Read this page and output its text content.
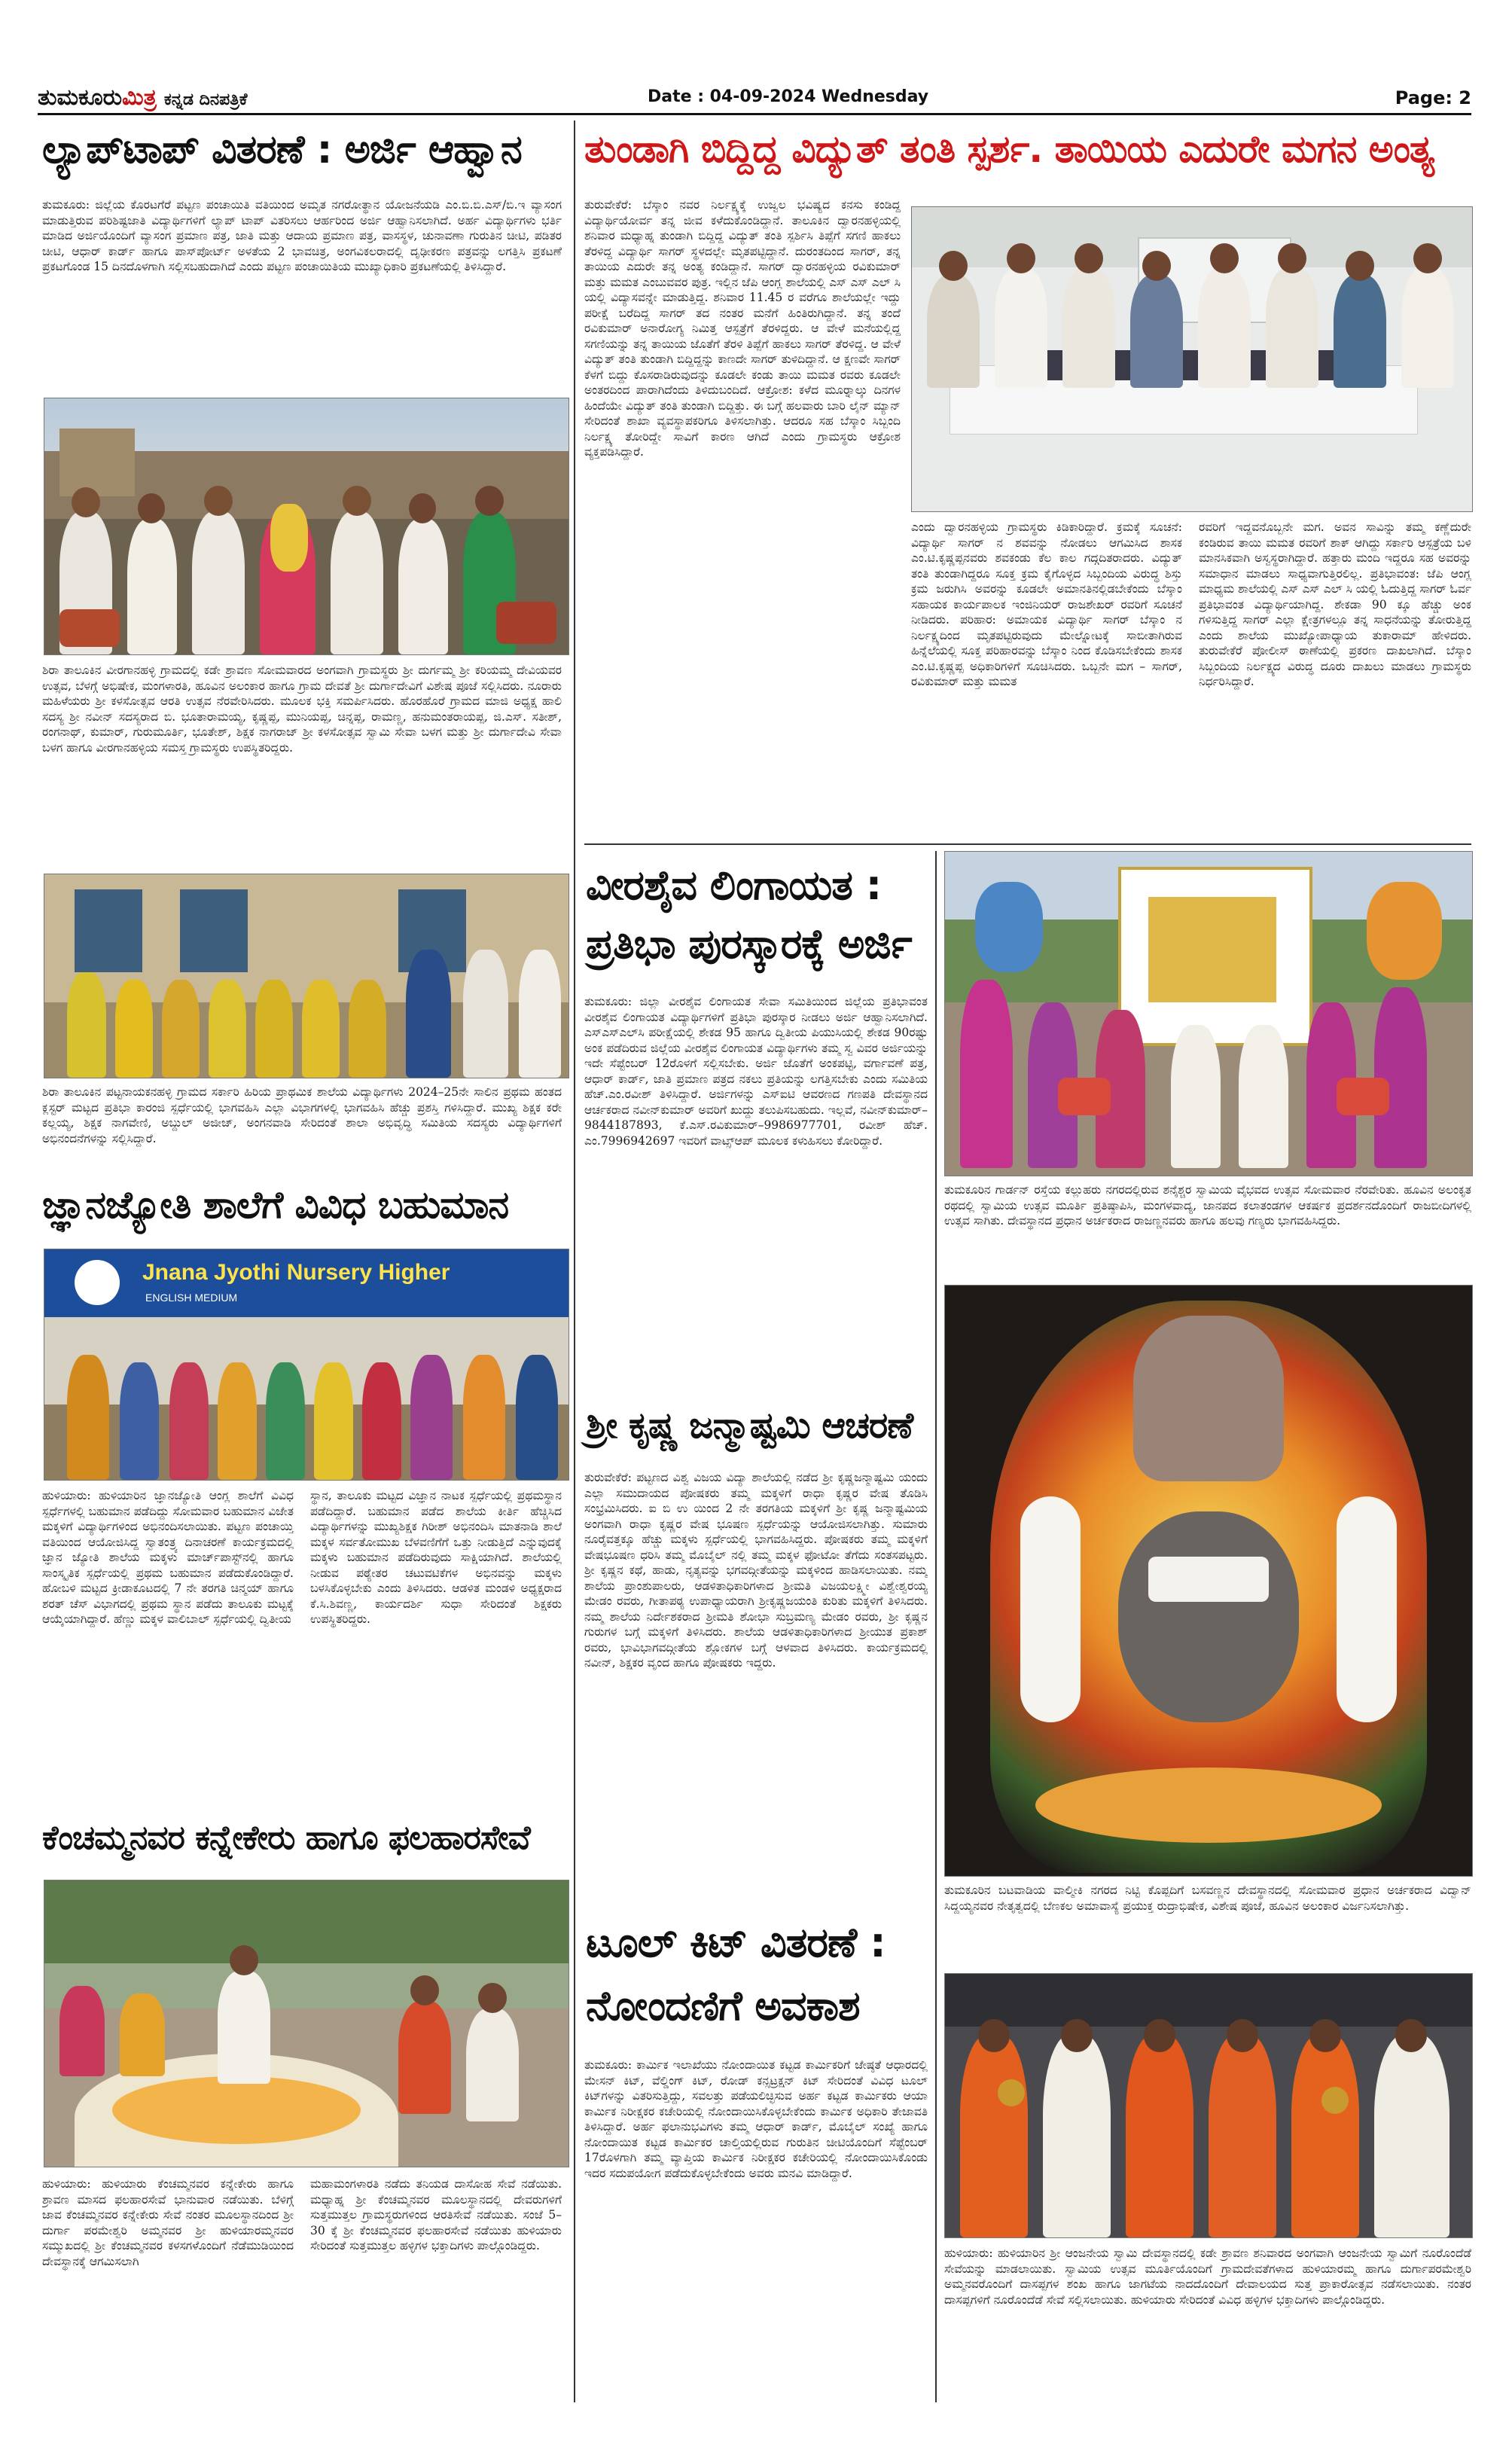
ತುಮಕೂರುಮಿತ್ರ ಕನ್ನಡ ದಿನಪತ್ರಿಕೆ	Date : 04-09-2024 Wednesday	Page: 2
ಲ್ಯಾಪ್‌ಟಾಪ್ ವಿತರಣೆ : ಅರ್ಜಿ ಆಹ್ವಾನ
ತುಮಕೂರು: ಜಿಲ್ಲೆಯ ಕೊರಟಗೆರೆ ಪಟ್ಟಣ ಪಂಚಾಯಿತಿ ವತಿಯಿಂದ ಅಮೃತ ನಗರೋತ್ಥಾನ ಯೋಜನೆಯಡಿ ಎಂ.ಬಿ.ಬಿ.ಎಸ್/ಬಿ.ಇ ವ್ಯಾಸಂಗ ಮಾಡುತ್ತಿರುವ ಪರಿಶಿಷ್ಟಜಾತಿ ವಿದ್ಯಾರ್ಥಿಗಳಿಗೆ ಲ್ಯಾಪ್ ಟಾಪ್ ವಿತರಿಸಲು ಆರ್ಹರಿಂದ ಅರ್ಜಿ ಆಹ್ವಾನಿಸಲಾಗಿದೆ. ಅರ್ಹ ವಿದ್ಯಾರ್ಥಿಗಳು ಭರ್ತಿ ಮಾಡಿದ ಅರ್ಜಿಯೊಂದಿಗೆ ವ್ಯಾಸಂಗ ಪ್ರಮಾಣ ಪತ್ರ, ಜಾತಿ ಮತ್ತು ಆದಾಯ ಪ್ರಮಾಣ ಪತ್ರ, ವಾಸಸ್ಥಳ, ಚುನಾವಣಾ ಗುರುತಿನ ಚೀಟಿ, ಪಡಿತರ ಚೀಟಿ, ಆಧಾರ್ ಕಾರ್ಡ್ ಹಾಗೂ ಪಾಸ್‌ಪೋರ್ಟ್ ಅಳತೆಯ 2 ಭಾವಚಿತ್ರ, ಅಂಗವಿಕಲರಾದಲ್ಲಿ ದೃಢೀಕರಣ ಪತ್ರವನ್ನು ಲಗತ್ತಿಸಿ ಪ್ರಕಟಣೆ ಪ್ರಕಟಗೊಂಡ 15 ದಿನದೊಳಗಾಗಿ ಸಲ್ಲಿಸಬಹುದಾಗಿದೆ ಎಂದು ಪಟ್ಟಣ ಪಂಚಾಯಿತಿಯ ಮುಖ್ಯಾಧಿಕಾರಿ ಪ್ರಕಟಣೆಯಲ್ಲಿ ತಿಳಿಸಿದ್ದಾರೆ.
ಶಿರಾ ತಾಲೂಕಿನ ವೀರಗಾನಹಳ್ಳಿ ಗ್ರಾಮದಲ್ಲಿ ಕಡೇ ಶ್ರಾವಣ ಸೋಮವಾರದ ಅಂಗವಾಗಿ ಗ್ರಾಮಸ್ಥರು ಶ್ರೀ ದುರ್ಗಮ್ಮ ಶ್ರೀ ಕರಿಯಮ್ಮ ದೇವಿಯವರ ಉತ್ಸವ, ಬೆಳಗ್ಗೆ ಅಭಿಷೇಕ, ಮಂಗಳಾರತಿ, ಹೂವಿನ ಅಲಂಕಾರ ಹಾಗೂ ಗ್ರಾಮ ದೇವತೆ ಶ್ರೀ ದುರ್ಗಾದೇವಿಗೆ ವಿಶೇಷ ಪೂಜೆ ಸಲ್ಲಿಸಿದರು. ನೂರಾರು ಮಹಿಳೆಯರು ಶ್ರೀ ಕಳಸೋತ್ಸವ ಆರತಿ ಉತ್ಸವ ನೆರವೇರಿಸಿದರು. ಮೂಲಕ ಭಕ್ತಿ ಸಮರ್ಪಿಸಿದರು. ಹೊರಹೊರೆ ಗ್ರಾಮದ ಮಾಜಿ ಅಧ್ಯಕ್ಷ ಹಾಲಿ ಸದಸ್ಯ ಶ್ರೀ ನವೀನ್ ಸದಸ್ಯರಾದ ಬಿ. ಭೂತಾರಾಮಯ್ಯ, ಕೃಷ್ಣಪ್ಪ, ಮುನಿಯಪ್ಪ, ಚಿನ್ನಪ್ಪ, ರಾಮಣ್ಣ, ಹನುಮಂತರಾಯಪ್ಪ, ಜಿ.ಎಸ್. ಸತೀಶ್, ರಂಗನಾಥ್, ಕುಮಾರ್, ಗುರುಮೂರ್ತಿ, ಭೂತೇಶ್, ಶಿಕ್ಷಕ ನಾಗರಾಜ್ ಶ್ರೀ ಕಳಸೋತ್ಸವ ಸ್ವಾಮಿ ಸೇವಾ ಬಳಗ ಮತ್ತು ಶ್ರೀ ದುರ್ಗಾದೇವಿ ಸೇವಾ ಬಳಗ ಹಾಗೂ ವೀರಗಾನಹಳ್ಳಿಯ ಸಮಸ್ತ ಗ್ರಾಮಸ್ಥರು ಉಪಸ್ಥಿತರಿದ್ದರು.
ಶಿರಾ ತಾಲೂಕಿನ ಪಟ್ಟನಾಯಕನಹಳ್ಳಿ ಗ್ರಾಮದ ಸರ್ಕಾರಿ ಹಿರಿಯ ಪ್ರಾಥಮಿಕ ಶಾಲೆಯ ವಿದ್ಯಾರ್ಥಿಗಳು 2024–25ನೇ ಸಾಲಿನ ಪ್ರಥಮ ಹಂತದ ಕ್ಲಸ್ಟರ್ ಮಟ್ಟದ ಪ್ರತಿಭಾ ಕಾರಂಜಿ ಸ್ಪರ್ಧೆಯಲ್ಲಿ ಭಾಗವಹಿಸಿ ಎಲ್ಲಾ ವಿಭಾಗಗಳಲ್ಲಿ ಭಾಗವಹಿಸಿ ಹೆಚ್ಚು ಪ್ರಶಸ್ತಿ ಗಳಿಸಿದ್ದಾರೆ. ಮುಖ್ಯ ಶಿಕ್ಷಕ ಕರೇ ಕಲ್ಲಯ್ಯ, ಶಿಕ್ಷಕ ನಾಗವೇಣಿ, ಅಬ್ದುಲ್ ಅಜೀಜ್, ಅಂಗನವಾಡಿ ಸೇರಿದಂತೆ ಶಾಲಾ ಅಭಿವೃದ್ಧಿ ಸಮಿತಿಯ ಸದಸ್ಯರು ವಿದ್ಯಾರ್ಥಿಗಳಿಗೆ ಅಭಿನಂದನೆಗಳನ್ನು ಸಲ್ಲಿಸಿದ್ದಾರೆ.
ಜ್ಞಾನಜ್ಯೋತಿ ಶಾಲೆಗೆ ವಿವಿಧ ಬಹುಮಾನ
Jnana Jyothi Nursery Higher
ENGLISH MEDIUM
ಹುಳಿಯಾರು: ಹುಳಿಯಾರಿನ ಜ್ಞಾನಜ್ಯೋತಿ ಆಂಗ್ಲ ಶಾಲೆಗೆ ವಿವಿಧ ಸ್ಪರ್ಧೆಗಳಲ್ಲಿ ಬಹುಮಾನ ಪಡೆದಿದ್ದು ಸೋಮವಾರ ಬಹುಮಾನ ವಿಜೇತ ಮಕ್ಕಳಿಗೆ ವಿದ್ಯಾರ್ಥಿಗಳಿಂದ ಅಭಿನಂದಿಸಲಾಯಿತು. ಪಟ್ಟಣ ಪಂಚಾಯ್ತಿ ವತಿಯಿಂದ ಆಯೋಜಿಸಿದ್ದ ಸ್ವಾತಂತ್ರ್ಯ ದಿನಾಚರಣೆ ಕಾರ್ಯಕ್ರಮದಲ್ಲಿ ಜ್ಞಾನ ಜ್ಯೋತಿ ಶಾಲೆಯ ಮಕ್ಕಳು ಮಾರ್ಚ್‌ಪಾಸ್ಟ್‌ನಲ್ಲಿ ಹಾಗೂ ಸಾಂಸ್ಕೃತಿಕ ಸ್ಪರ್ಧೆಯಲ್ಲಿ ಪ್ರಥಮ ಬಹುಮಾನ ಪಡೆದುಕೊಂಡಿದ್ದಾರೆ. ಹೋಬಳಿ ಮಟ್ಟದ ಕ್ರೀಡಾಕೂಟದಲ್ಲಿ 7 ನೇ ತರಗತಿ ಚಿನ್ಮಯ್ ಹಾಗೂ ಶರತ್ ಚೆಸ್ ವಿಭಾಗದಲ್ಲಿ ಪ್ರಥಮ ಸ್ಥಾನ ಪಡೆದು ತಾಲೂಕು ಮಟ್ಟಕ್ಕೆ ಆಯ್ಕೆಯಾಗಿದ್ದಾರೆ. ಹೆಣ್ಣು ಮಕ್ಕಳ ವಾಲಿಬಾಲ್ ಸ್ಪರ್ಧೆಯಲ್ಲಿ ದ್ವಿತೀಯ
ಸ್ಥಾನ, ತಾಲೂಕು ಮಟ್ಟದ ವಿಜ್ಞಾನ ನಾಟಕ ಸ್ಪರ್ಧೆಯಲ್ಲಿ ಪ್ರಥಮಸ್ಥಾನ ಪಡೆದಿದ್ದಾರೆ. ಬಹುಮಾನ ಪಡೆದ ಶಾಲೆಯ ಕೀರ್ತಿ ಹೆಚ್ಚಿಸಿದ ವಿದ್ಯಾರ್ಥಿಗಳನ್ನು ಮುಖ್ಯಶಿಕ್ಷಕ ಗಿರೀಶ್ ಅಭಿನಂದಿಸಿ ಮಾತನಾಡಿ ಶಾಲೆ ಮಕ್ಕಳ ಸರ್ವತೋಮುಖ ಬೆಳವಣಿಗೆಗೆ ಒತ್ತು ನೀಡುತ್ತಿದೆ ಎನ್ನುವುದಕ್ಕೆ ಮಕ್ಕಳು ಬಹುಮಾನ ಪಡೆದಿರುವುದು ಸಾಕ್ಷಿಯಾಗಿದೆ. ಶಾಲೆಯಲ್ಲಿ ನೀಡುವ ಪಠ್ಯೇತರ ಚಟುವಟಿಕೆಗಳ ಅಭಿನವನ್ನು ಮಕ್ಕಳು ಬಳಸಿಕೊಳ್ಳಬೇಕು ಎಂದು ತಿಳಿಸಿದರು. ಆಡಳಿತ ಮಂಡಳಿ ಅಧ್ಯಕ್ಷರಾದ ಕೆ.ಸಿ.ಶಿವಣ್ಣ, ಕಾರ್ಯದರ್ಶಿ ಸುಧಾ ಸೇರಿದಂತೆ ಶಿಕ್ಷಕರು ಉಪಸ್ಥಿತರಿದ್ದರು.
ಕೆಂಚಮ್ಮನವರ ಕನ್ನೇಕೇರು ಹಾಗೂ ಫಲಹಾರಸೇವೆ
ಹುಳಿಯಾರು: ಹುಳಿಯಾರು ಕೆಂಚಮ್ಮನವರ ಕನ್ನೇಕೇರು ಹಾಗೂ ಶ್ರಾವಣ ಮಾಸದ ಫಲಹಾರಸೇವೆ ಭಾನುವಾರ ನಡೆಯಿತು. ಬೆಳಿಗ್ಗೆ ಜಾವ ಕೆಂಚಮ್ಮನವರ ಕನ್ನೇಕೇರು ಸೇವೆ ನಂತರ ಮೂಲಸ್ಥಾನದಿಂದ ಶ್ರೀ ದುರ್ಗಾ ಪರಮೇಶ್ವರಿ ಅಮ್ಮನವರ ಶ್ರೀ ಹುಳಿಯಾರಮ್ಮನವರ ಸಮ್ಮುಖದಲ್ಲಿ ಶ್ರೀ ಕೆಂಚಮ್ಮನವರ ಕಳಸಗಳೊಂದಿಗೆ ನೆಡೆಮುಡಿಯಿಂದ ದೇವಸ್ಥಾನಕ್ಕೆ ಆಗಮಿಸಲಾಗಿ
ಮಹಾಮಂಗಳಾರತಿ ನಡೆದು ತನಿಯಡ ದಾಸೋಹ ಸೇವೆ ನಡೆಯಿತು. ಮಧ್ಯಾಹ್ನ ಶ್ರೀ ಕೆಂಚಮ್ಮನವರ ಮೂಲಸ್ಥಾನದಲ್ಲಿ ದೇವರುಗಳಿಗೆ ಸುತ್ತಮುತ್ತಲ ಗ್ರಾಮಸ್ಥರುಗಳಿಂದ ಆರತಿಸೇವೆ ನಡೆಯಿತು. ಸಂಜೆ 5–30 ಕ್ಕೆ ಶ್ರೀ ಕೆಂಚಮ್ಮನವರ ಫಲಹಾರಸೇವೆ ನಡೆಯಿತು ಹುಳಿಯಾರು ಸೇರಿದಂತೆ ಸುತ್ತಮುತ್ತಲ ಹಳ್ಳಿಗಳ ಭಕ್ತಾದಿಗಳು ಪಾಲ್ಗೊಂಡಿದ್ದರು.
ತುಂಡಾಗಿ ಬಿದ್ದಿದ್ದ ವಿದ್ಯುತ್ ತಂತಿ ಸ್ಪರ್ಶ. ತಾಯಿಯ ಎದುರೇ ಮಗನ ಅಂತ್ಯ
ತುರುವೇಕೆರೆ: ಬೆಸ್ಕಾಂ ನವರ ನಿರ್ಲಕ್ಷ್ಯಕ್ಕೆ ಉಜ್ವಲ ಭವಿಷ್ಯದ ಕನಸು ಕಂಡಿದ್ದ ವಿದ್ಯಾರ್ಥಿಯೋರ್ವ ತನ್ನ ಜೀವ ಕಳೆದುಕೊಂಡಿದ್ದಾನೆ. ತಾಲೂಕಿನ ದ್ವಾರನಹಳ್ಳಿಯಲ್ಲಿ ಶನಿವಾರ ಮಧ್ಯಾಹ್ನ ತುಂಡಾಗಿ ಬಿದ್ದಿದ್ದ ವಿದ್ಯುತ್ ತಂತಿ ಸ್ಪರ್ಶಿಸಿ ತಿಪ್ಪೆಗೆ ಸಗಣಿ ಹಾಕಲು ತೆರಳಿದ್ದ ವಿದ್ಯಾರ್ಥಿ ಸಾಗರ್ ಸ್ಥಳದಲ್ಲೇ ಮೃತಪಟ್ಟಿದ್ದಾನೆ. ದುರಂತದಿಂದ ಸಾಗರ್, ತನ್ನ ತಾಯಿಯ ಎದುರೇ ತನ್ನ ಅಂತ್ಯ ಕಂಡಿದ್ದಾನೆ. ಸಾಗರ್ ದ್ವಾರನಹಳ್ಳಿಯ ರವಿಕುಮಾರ್ ಮತ್ತು ಮಮತ ಎಂಬುವವರ ಪುತ್ರ. ಇಲ್ಲಿನ ಜೆಪಿ ಆಂಗ್ಲ ಶಾಲೆಯಲ್ಲಿ ಎಸ್ ಎಸ್ ಎಲ್ ಸಿ ಯಲ್ಲಿ ವಿದ್ಯಾಸವನ್ನೇ ಮಾಡುತ್ತಿದ್ದ. ಶನಿವಾರ 11.45 ರ ವರೆಗೂ ಶಾಲೆಯಲ್ಲೇ ಇದ್ದು ಪರೀಕ್ಷೆ ಬರೆದಿದ್ದ ಸಾಗರ್ ತದ ನಂತರ ಮನೆಗೆ ಹಿಂತಿರುಗಿದ್ದಾನೆ. ತನ್ನ ತಂದೆ ರವಿಕುಮಾರ್ ಅನಾರೋಗ್ಯ ನಿಮಿತ್ತ ಆಸ್ಪತ್ರೆಗೆ ತೆರಳಿದ್ದರು. ಆ ವೇಳೆ ಮನೆಯಲ್ಲಿದ್ದ ಸಗಣಿಯನ್ನು ತನ್ನ ತಾಯಿಯ ಜೊತೆಗೆ ತೆರಳಿ ತಿಪ್ಪೆಗೆ ಹಾಕಲು ಸಾಗರ್ ತೆರಳಿದ್ದ. ಆ ವೇಳೆ ವಿದ್ಯುತ್ ತಂತಿ ತುಂಡಾಗಿ ಬಿದ್ದಿದ್ದನ್ನು ಕಾಣದೇ ಸಾಗರ್ ತುಳಿದಿದ್ದಾನೆ. ಆ ಕ್ಷಣವೇ ಸಾಗರ್ ಕೆಳಗೆ ಬಿದ್ದು ಕೊಸರಾಡಿರುವುದನ್ನು ಕೂಡಲೇ ಕಂಡು ತಾಯಿ ಮಮತ ರವರು ಕೂಡಲೇ ಅಂತರದಿಂದ ಪಾರಾಗಿದೆಂದು ತಿಳಿದುಬಂದಿದೆ. ಆಕ್ರೋಶ: ಕಳೆದ ಮೂರ‍್ನಾಲ್ಕು ದಿನಗಳ ಹಿಂದೆಯೇ ವಿದ್ಯುತ್ ತಂತಿ ತುಂಡಾಗಿ ಬಿದ್ದಿತ್ತು. ಈ ಬಗ್ಗೆ ಹಲವಾರು ಬಾರಿ ಲೈನ್ ಮ್ಯಾನ್ ಸೇರಿದಂತೆ ಶಾಖಾ ವ್ಯವಸ್ಥಾಪಕರಿಗೂ ತಿಳಿಸಲಾಗಿತ್ತು. ಆದರೂ ಸಹ ಬೆಸ್ಕಾಂ ಸಿಬ್ಬಂದಿ ನಿರ್ಲಕ್ಷ್ಯ ತೋರಿದ್ದೇ ಸಾವಿಗೆ ಕಾರಣ ಆಗಿದೆ ಎಂದು ಗ್ರಾಮಸ್ಥರು ಆಕ್ರೋಶ ವ್ಯಕ್ತಪಡಿಸಿದ್ದಾರೆ.
ಎಂದು ದ್ವಾರನಹಳ್ಳಿಯ ಗ್ರಾಮಸ್ಥರು ಕಿಡಿಕಾರಿದ್ದಾರೆ. ಕ್ರಮಕ್ಕೆ ಸೂಚನೆ: ವಿದ್ಯಾರ್ಥಿ ಸಾಗರ್ ನ ಶವವನ್ನು ನೋಡಲು ಆಗಮಿಸಿದ ಶಾಸಕ ಎಂ.ಟಿ.ಕೃಷ್ಣಪ್ಪನವರು ಶವಕಂಡು ಕೆಲ ಕಾಲ ಗದ್ಗದಿತರಾದರು. ವಿದ್ಯುತ್ ತಂತಿ ತುಂಡಾಗಿದ್ದರೂ ಸೂಕ್ತ ಕ್ರಮ ಕೈಗೊಳ್ಳದ ಸಿಬ್ಬಂದಿಯ ವಿರುದ್ಧ ಶಿಸ್ತು ಕ್ರಮ ಜರುಗಿಸಿ ಅವರನ್ನು ಕೂಡಲೇ ಅಮಾನತಿನಲ್ಲಿಡಬೇಕೆಂದು ಬೆಸ್ಕಾಂ ಸಹಾಯಕ ಕಾರ್ಯಪಾಲಕ ಇಂಜಿನಿಯರ್ ರಾಜಶೇಖರ್ ರವರಿಗೆ ಸೂಚನೆ ನೀಡಿದರು. ಪರಿಹಾರ: ಅಮಾಯಕ ವಿದ್ಯಾರ್ಥಿ ಸಾಗರ್ ಬೆಸ್ಕಾಂ ನ ನಿರ್ಲಕ್ಷ್ಯದಿಂದ ಮೃತಪಟ್ಟಿರುವುದು ಮೇಲ್ನೋಟಕ್ಕೆ ಸಾಬೀತಾಗಿರುವ ಹಿನ್ನೆಲೆಯಲ್ಲಿ ಸೂಕ್ತ ಪರಿಹಾರವನ್ನು ಬೆಸ್ಕಾಂ ನಿಂದ ಕೊಡಿಸಬೇಕೆಂದು ಶಾಸಕ ಎಂ.ಟಿ.ಕೃಷ್ಣಪ್ಪ ಅಧಿಕಾರಿಗಳಿಗೆ ಸೂಚಿಸಿದರು. ಒಬ್ಬನೇ ಮಗ – ಸಾಗರ್, ರವಿಕುಮಾರ್ ಮತ್ತು ಮಮತ
ರವರಿಗೆ ಇದ್ದವನೊಬ್ಬನೇ ಮಗ. ಅವನ ಸಾವಿನ್ನು ತಮ್ಮ ಕಣ್ಣೆದುರೇ ಕಂಡಿರುವ ತಾಯಿ ಮಮತ ರವರಿಗೆ ಶಾಕ್ ಆಗಿದ್ದು ಸರ್ಕಾರಿ ಆಸ್ಪತ್ರೆಯ ಬಳಿ ಮಾನಸಿಕವಾಗಿ ಅಸ್ವಸ್ಥರಾಗಿದ್ದಾರೆ. ಹತ್ತಾರು ಮಂದಿ ಇದ್ದರೂ ಸಹ ಅವರನ್ನು ಸಮಾಧಾನ ಮಾಡಲು ಸಾಧ್ಯವಾಗುತ್ತಿರಲಿಲ್ಲ. ಪ್ರತಿಭಾವಂತ: ಜೆಪಿ ಆಂಗ್ಲ ಮಾಧ್ಯಮ ಶಾಲೆಯಲ್ಲಿ ಎಸ್ ಎಸ್ ಎಲ್ ಸಿ ಯಲ್ಲಿ ಓದುತ್ತಿದ್ದ ಸಾಗರ್ ಓರ್ವ ಪ್ರತಿಭಾವಂತ ವಿದ್ಯಾರ್ಥಿಯಾಗಿದ್ದ. ಶೇಕಡಾ 90 ಕ್ಕೂ ಹೆಚ್ಚು ಅಂಕ ಗಳಿಸುತ್ತಿದ್ದ ಸಾಗರ್ ಎಲ್ಲಾ ಕ್ಷೇತ್ರಗಳಲ್ಲೂ ತನ್ನ ಸಾಧನೆಯನ್ನು ತೋರುತ್ತಿದ್ದ ಎಂದು ಶಾಲೆಯ ಮುಖ್ಯೋಪಾಧ್ಯಾಯ ತುಕಾರಾಮ್ ಹೇಳಿದರು. ತುರುವೇಕೆರೆ ಪೋಲೀಸ್ ಠಾಣೆಯಲ್ಲಿ ಪ್ರಕರಣ ದಾಖಲಾಗಿದೆ. ಬೆಸ್ಕಾಂ ಸಿಬ್ಬಂದಿಯ ನಿರ್ಲಕ್ಷ್ಯದ ವಿರುದ್ಧ ದೂರು ದಾಖಲು ಮಾಡಲು ಗ್ರಾಮಸ್ಥರು ನಿರ್ಧರಿಸಿದ್ದಾರೆ.
ವೀರಶೈವ ಲಿಂಗಾಯತ :
ಪ್ರತಿಭಾ ಪುರಸ್ಕಾರಕ್ಕೆ ಅರ್ಜಿ
ತುಮಕೂರು: ಜಿಲ್ಲಾ ವೀರಶೈವ ಲಿಂಗಾಯತ ಸೇವಾ ಸಮಿತಿಯಿಂದ ಜಿಲ್ಲೆಯ ಪ್ರತಿಭಾವಂತ ವೀರಶೈವ ಲಿಂಗಾಯತ ವಿದ್ಯಾರ್ಥಿಗಳಿಗೆ ಪ್ರತಿಭಾ ಪುರಸ್ಕಾರ ನೀಡಲು ಅರ್ಜಿ ಆಹ್ವಾನಿಸಲಾಗಿದೆ. ಎಸ್‌ಎಸ್‌ಎಲ್‌ಸಿ ಪರೀಕ್ಷೆಯಲ್ಲಿ ಶೇಕಡ 95 ಹಾಗೂ ದ್ವಿತೀಯ ಪಿಯುಸಿಯಲ್ಲಿ ಶೇಕಡ 90ರಷ್ಟು ಅಂಕ ಪಡೆದಿರುವ ಜಿಲ್ಲೆಯ ವೀರಶೈವ ಲಿಂಗಾಯತ ವಿದ್ಯಾರ್ಥಿಗಳು ತಮ್ಮ ಸ್ವ ವಿವರ ಅರ್ಜಿಯನ್ನು ಇದೇ ಸೆಪ್ಟೆಂಬರ್ 12ರೊಳಗೆ ಸಲ್ಲಿಸಬೇಕು. ಅರ್ಜಿ ಜೊತೆಗೆ ಅಂಕಪಟ್ಟಿ, ವರ್ಗಾವಣೆ ಪತ್ರ, ಆಧಾರ್ ಕಾರ್ಡ್, ಜಾತಿ ಪ್ರಮಾಣ ಪತ್ರದ ನಕಲು ಪ್ರತಿಯನ್ನು ಲಗತ್ತಿಸಬೇಕು ಎಂದು ಸಮಿತಿಯ ಹೆಚ್.ಎಂ.ರವೀಶ್ ತಿಳಿಸಿದ್ದಾರೆ. ಅರ್ಜಿಗಳನ್ನು ಎಸ್‌ಐಟಿ ಆವರಣದ ಗಣಪತಿ ದೇವಸ್ಥಾನದ ಆರ್ಚಕರಾದ ನವೀನ್‌ಕುಮಾರ್ ಅವರಿಗೆ ಖುದ್ದು ತಲುಪಿಸಬಹುದು. ಇಲ್ಲವೆ, ನವೀನ್‌ಕುಮಾರ್–9844187893, ಕೆ.ಎಸ್.ರವಿಕುಮಾರ್–9986977701, ರವೀಶ್ ಹೆಚ್. ಎಂ.7996942697 ಇವರಿಗೆ ವಾಟ್ಸ್‌ಆಪ್ ಮೂಲಕ ಕಳುಹಿಸಲು ಕೋರಿದ್ದಾರೆ.
ತುಮಕೂರಿನ ಗಾರ್ಡನ್ ರಸ್ತೆಯ ಕಲ್ಲುಹರು ನಗರದಲ್ಲಿರುವ ಶನೈಶ್ಚರ ಸ್ವಾಮಿಯ ವೈಭವದ ಉತ್ಸವ ಸೋಮವಾರ ನೆರವೇರಿತು. ಹೂವಿನ ಅಲಂಕೃತ ರಥದಲ್ಲಿ ಸ್ವಾಮಿಯ ಉತ್ಸವ ಮೂರ್ತಿ ಪ್ರತಿಷ್ಠಾಪಿಸಿ, ಮಂಗಳವಾದ್ಯ, ಜಾನಪದ ಕಲಾತಂಡಗಳ ಆಕರ್ಷಕ ಪ್ರದರ್ಶನದೊಂದಿಗೆ ರಾಜಬೀದಿಗಳಲ್ಲಿ ಉತ್ಸವ ಸಾಗಿತು. ದೇವಸ್ಥಾನದ ಪ್ರಧಾನ ಅರ್ಚಕರಾದ ರಾಜಣ್ಣನವರು ಹಾಗೂ ಹಲವು ಗಣ್ಯರು ಭಾಗವಹಿಸಿದ್ದರು.
ತುಮಕೂರಿನ ಬಟವಾಡಿಯ ವಾಲ್ಮೀಕಿ ನಗರದ ನಿಟ್ಟಿ ಕೊಪ್ಪದಿಗೆ ಬಸವಣ್ಣನ ದೇವಸ್ಥಾನದಲ್ಲಿ ಸೋಮವಾರ ಪ್ರಧಾನ ಅರ್ಚಕರಾದ ವಿದ್ವಾನ್ ಸಿದ್ದಯ್ಯನವರ ನೇತೃತ್ವದಲ್ಲಿ ಬೆಣಕಲ ಅಮಾವಾಸ್ಯೆ ಪ್ರಯುಕ್ತ ರುದ್ರಾಭಿಷೇಕ, ವಿಶೇಷ ಪೂಜೆ, ಹೂವಿನ ಅಲಂಕಾರ ವಿರ್ಜನಿಸಲಾಗಿತ್ತು.
ಶ್ರೀ ಕೃಷ್ಣ ಜನ್ಮಾಷ್ಟಮಿ ಆಚರಣೆ
ತುರುವೇಕೆರೆ: ಪಟ್ಟಣದ ವಿಶ್ವ ವಿಜಯ ವಿದ್ಯಾ ಶಾಲೆಯಲ್ಲಿ ನಡೆದ ಶ್ರೀ ಕೃಷ್ಣಜನ್ಮಾಷ್ಟಮಿ ಯಂದು ಎಲ್ಲಾ ಸಮುದಾಯದ ಪೋಷಕರು ತಮ್ಮ ಮಕ್ಕಳಿಗೆ ರಾಧಾ ಕೃಷ್ಣರ ವೇಷ ತೊಡಿಸಿ ಸಂಭ್ರಮಿಸಿದರು. ಐ ಬಿ ಉ ಯಿಂದ 2 ನೇ ತರಗತಿಯ ಮಕ್ಕಳಿಗೆ ಶ್ರೀ ಕೃಷ್ಣ ಜನ್ಮಾಷ್ಟಮಿಯ ಅಂಗವಾಗಿ ರಾಧಾ ಕೃಷ್ಣರ ವೇಷ ಭೂಷಣ ಸ್ಪರ್ಧೆಯನ್ನು ಆಯೋಜಿಸಲಾಗಿತ್ತು. ಸುಮಾರು ನೂರೈವತ್ತಕ್ಕೂ ಹೆಚ್ಚು ಮಕ್ಕಳು ಸ್ಪರ್ಧೆಯಲ್ಲಿ ಭಾಗವಹಿಸಿದ್ದರು. ಪೋಷಕರು ತಮ್ಮ ಮಕ್ಕಳಿಗೆ ವೇಷಭೂಷಣ ಧರಿಸಿ ತಮ್ಮ ಮೊಬೈಲ್ ನಲ್ಲಿ ತಮ್ಮ ಮಕ್ಕಳ ಫೋಟೋ ತೆಗೆದು ಸಂತಸಪಟ್ಟರು. ಶ್ರೀ ಕೃಷ್ಣನ ಕಥೆ, ಹಾಡು, ನೃತ್ಯವನ್ನು ಭಗವದ್ಗೀತೆಯನ್ನು ಮಕ್ಕಳಿಂದ ಹಾಡಿಸಲಾಯಿತು. ನಮ್ಮ ಶಾಲೆಯ ಪ್ರಾಂಶುಪಾಲರು, ಆಡಳಿತಾಧಿಕಾರಿಗಳಾದ ಶ್ರೀಮತಿ ವಿಜಯಲಕ್ಷ್ಮೀ ವಿಶ್ವೇಶ್ವರಯ್ಯ ಮೇಡಂ ರವರು, ಗೀತಾಪಠ್ಯ ಉಪಾಧ್ಯಾಯರಾಗಿ ಶ್ರೀಕೃಷ್ಣಜಯಂತಿ ಕುರಿತು ಮಕ್ಕಳಿಗೆ ತಿಳಿಸಿದರು. ನಮ್ಮ ಶಾಲೆಯ ನಿರ್ದೇಶಕರಾದ ಶ್ರೀಮತಿ ಶೋಭಾ ಸುಬ್ರಮಣ್ಯ ಮೇಡಂ ರವರು, ಶ್ರೀ ಕೃಷ್ಣನ ಗುರುಗಳ ಬಗ್ಗೆ ಮಕ್ಕಳಿಗೆ ತಿಳಿಸಿದರು. ಶಾಲೆಯ ಆಡಳಿತಾಧಿಕಾರಿಗಳಾದ ಶ್ರೀಯುತ ಪ್ರಕಾಶ್ ರವರು, ಭಾವಿಭಾಗವದ್ಗೀತೆಯ ಶ್ಲೋಕಗಳ ಬಗ್ಗೆ ಆಳವಾದ ತಿಳಿಸಿದರು. ಕಾರ್ಯಕ್ರಮದಲ್ಲಿ ನವೀನ್, ಶಿಕ್ಷಕರ ವೃಂದ ಹಾಗೂ ಪೋಷಕರು ಇದ್ದರು.
ಟೂಲ್ ಕಿಟ್ ವಿತರಣೆ :
ನೋಂದಣಿಗೆ ಅವಕಾಶ
ತುಮಕೂರು: ಕಾರ್ಮಿಕ ಇಲಾಖೆಯು ನೋಂದಾಯಿತ ಕಟ್ಟಡ ಕಾರ್ಮಿಕರಿಗೆ ಜೇಷ್ಠತೆ ಆಧಾರದಲ್ಲಿ ಮೇಸನ್ ಕಿಟ್, ವೆಲ್ಡಿಂಗ್ ಕಿಟ್, ರೋಡ್ ಕನ್ಸಟ್ರಕ್ಷನ್ ಕಿಟ್ ಸೇರಿದಂತೆ ವಿವಿಧ ಟೂಲ್ ಕಿಟ್‌ಗಳನ್ನು ವಿತರಿಸುತ್ತಿದ್ದು, ಸವಲತ್ತು ಪಡೆಯಲಿಚ್ಛಿಸುವ ಅರ್ಹ ಕಟ್ಟಡ ಕಾರ್ಮಿಕರು ಆಯಾ ಕಾರ್ಮಿಕ ನಿರೀಕ್ಷಕರ ಕಚೇರಿಯಲ್ಲಿ ನೋಂದಾಯಿಸಿಕೊಳ್ಳಬೇಕೆಂದು ಕಾರ್ಮಿಕ ಅಧಿಕಾರಿ ತೇಜಾವತಿ ತಿಳಿಸಿದ್ದಾರೆ. ಅರ್ಹ ಫಲಾನುಭವಿಗಳು ತಮ್ಮ ಆಧಾರ್ ಕಾರ್ಡ್, ಮೊಬೈಲ್ ಸಂಖ್ಯೆ ಹಾಗೂ ನೋಂದಾಯಿತ ಕಟ್ಟಡ ಕಾರ್ಮಿಕರ ಚಾಲ್ತಿಯಲ್ಲಿರುವ ಗುರುತಿನ ಚೀಟಿಯೊಂದಿಗೆ ಸೆಪ್ಟೆಂಬರ್ 17ರೊಳಗಾಗಿ ತಮ್ಮ ವ್ಯಾಪ್ತಿಯ ಕಾರ್ಮಿಕ ನಿರೀಕ್ಷಕರ ಕಚೇರಿಯಲ್ಲಿ ನೋಂದಾಯಿಸಿಕೊಂಡು ಇದರ ಸದುಪಯೋಗ ಪಡೆದುಕೊಳ್ಳಬೇಕೆಂದು ಅವರು ಮನವಿ ಮಾಡಿದ್ದಾರೆ.
ಹುಳಿಯಾರು: ಹುಳಿಯಾರಿನ ಶ್ರೀ ಆಂಜನೇಯ ಸ್ವಾಮಿ ದೇವಸ್ಥಾನದಲ್ಲಿ ಕಡೇ ಶ್ರಾವಣ ಶನಿವಾರದ ಅಂಗವಾಗಿ ಆಂಜನೇಯ ಸ್ವಾಮಿಗೆ ನೂರೊಂದೆಡೆ ಸೇವೆಯನ್ನು ಮಾಡಲಾಯಿತು. ಸ್ವಾಮಿಯ ಉತ್ಸವ ಮೂರ್ತಿಯೊಂದಿಗೆ ಗ್ರಾಮದೇವತೆಗಳಾದ ಹುಳಿಯಾರಮ್ಮ ಹಾಗೂ ದುರ್ಗಾಪರಮೇಶ್ವರಿ ಅಮ್ಮನವರೊಂದಿಗೆ ದಾಸಪ್ಪಗಳ ಶಂಖ ಹಾಗೂ ಜಾಗಟೆಯ ನಾದದೊಂದಿಗೆ ದೇವಾಲಯದ ಸುತ್ತ ಪ್ರಾಕಾರೋತ್ಸವ ನಡೆಸಲಾಯಿತು. ನಂತರ ದಾಸಪ್ಪಗಳಿಗೆ ನೂರೊಂದೆಡೆ ಸೇವೆ ಸಲ್ಲಿಸಲಾಯಿತು. ಹುಳಿಯಾರು ಸೇರಿದಂತೆ ವಿವಿಧ ಹಳ್ಳಿಗಳ ಭಕ್ತಾದಿಗಳು ಪಾಲ್ಗೊಂಡಿದ್ದರು.
